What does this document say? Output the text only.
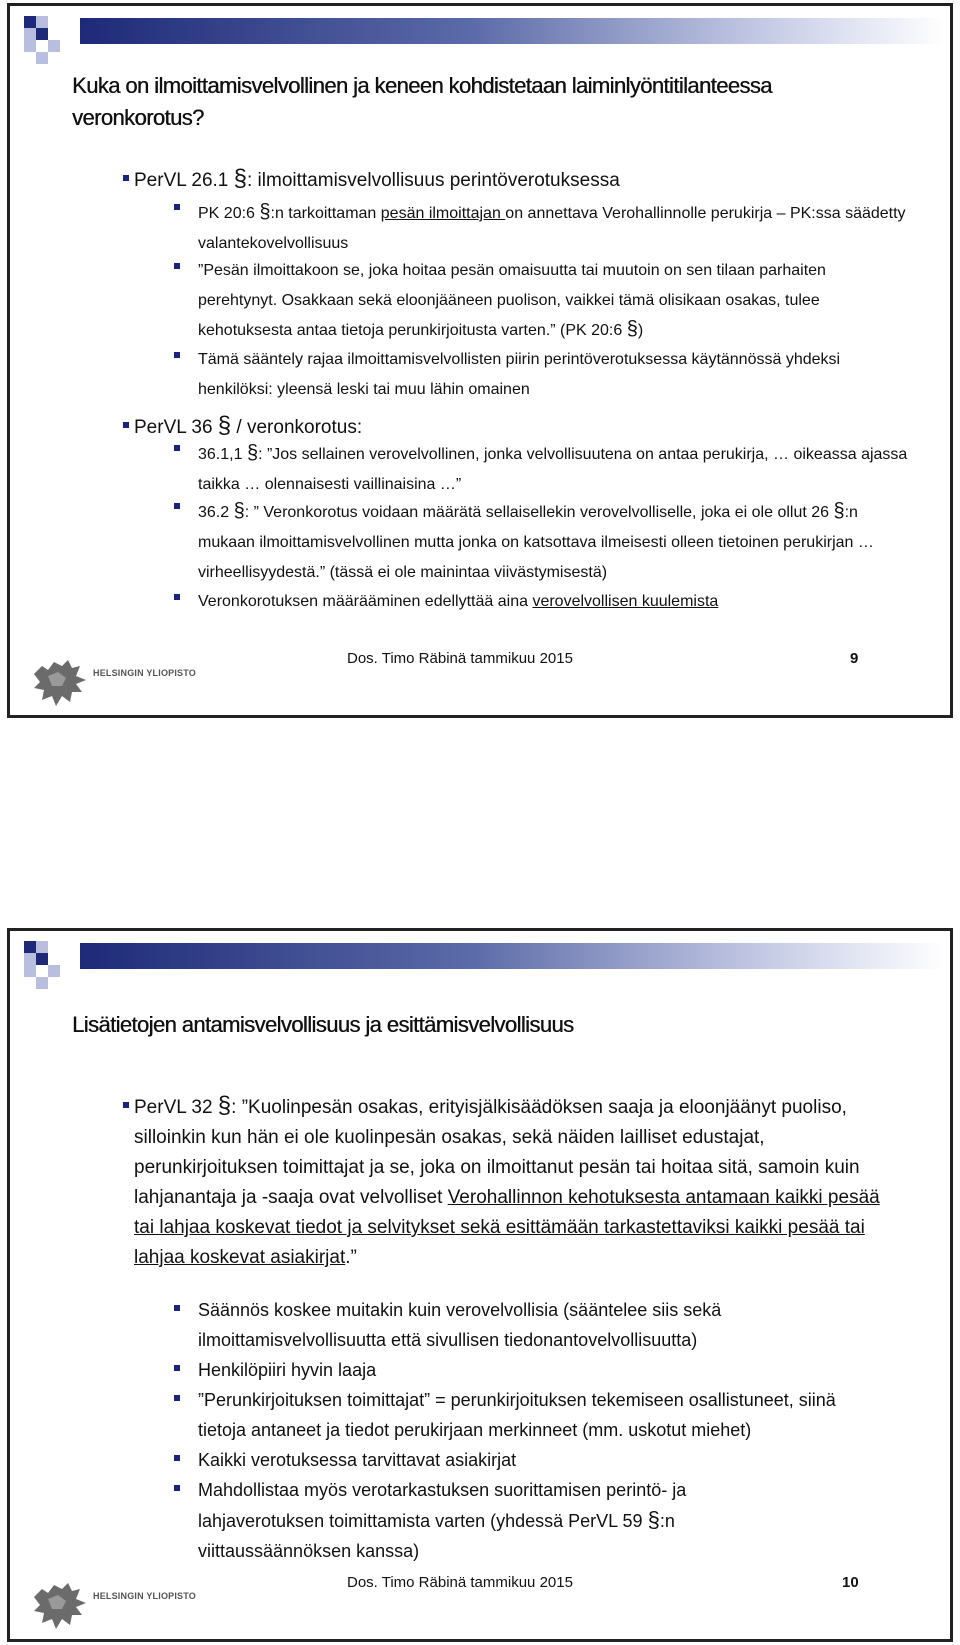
Kuka on ilmoittamisvelvollinen ja keneen kohdistetaan laiminlyöntitilanteessa veronkorotus?
PerVL 26.1 §: ilmoittamisvelvollisuus perintöverotuksessa
PK 20:6 §:n tarkoittaman pesän ilmoittajan on annettava Verohallinnolle perukirja – PK:ssa säädetty valantekovelvollisuus
”Pesän ilmoittakoon se, joka hoitaa pesän omaisuutta tai muutoin on sen tilaan parhaiten perehtynyt. Osakkaan sekä eloonjääneen puolison, vaikkei tämä olisikaan osakas, tulee kehotuksesta antaa tietoja perunkirjoitusta varten.” (PK 20:6 §)
Tämä sääntely rajaa ilmoittamisvelvollisten piirin perintöverotuksessa käytännössä yhdeksi henkilöksi: yleensä leski tai muu lähin omainen
PerVL 36 § / veronkorotus:
36.1,1 §: ”Jos sellainen verovelvollinen, jonka velvollisuutena on antaa perukirja, … oikeassa ajassa taikka … olennaisesti vaillinaisina …”
36.2 §: ” Veronkorotus voidaan määrätä sellaisellekin verovelvolliselle, joka ei ole ollut 26 §:n mukaan ilmoittamisvelvollinen mutta jonka on katsottava ilmeisesti olleen tietoinen perukirjan … virheellisyydestä.” (tässä ei ole mainintaa viivästymisestä)
Veronkorotuksen määrääminen edellyttää aina verovelvollisen kuulemista
HELSINGIN YLIOPISTO
Dos. Timo Räbinä tammikuu 2015	9
Lisätietojen antamisvelvollisuus ja esittämisvelvollisuus
PerVL 32 §: ”Kuolinpesän osakas, erityisjälkisäädöksen saaja ja eloonjäänyt puoliso, silloinkin kun hän ei ole kuolinpesän osakas, sekä näiden lailliset edustajat, perunkirjoituksen toimittajat ja se, joka on ilmoittanut pesän tai hoitaa sitä, samoin kuin lahjanantaja ja -saaja ovat velvolliset Verohallinnon kehotuksesta antamaan kaikki pesää tai lahjaa koskevat tiedot ja selvitykset sekä esittämään tarkastettaviksi kaikki pesää tai lahjaa koskevat asiakirjat.”
Säännös koskee muitakin kuin verovelvollisia (sääntelee siis sekä ilmoittamisvelvollisuutta että sivullisen tiedonantovelvollisuutta)
Henkilöpiiri hyvin laaja
”Perunkirjoituksen toimittajat” = perunkirjoituksen tekemiseen osallistuneet, siinä tietoja antaneet ja tiedot perukirjaan merkinneet (mm. uskotut miehet)
Kaikki verotuksessa tarvittavat asiakirjat
Mahdollistaa myös verotarkastuksen suorittamisen perintö- ja lahjaverotuksen toimittamista varten (yhdessä PerVL 59 §:n viittaussäännöksen kanssa)
HELSINGIN YLIOPISTO
Dos. Timo Räbinä tammikuu 2015	10
